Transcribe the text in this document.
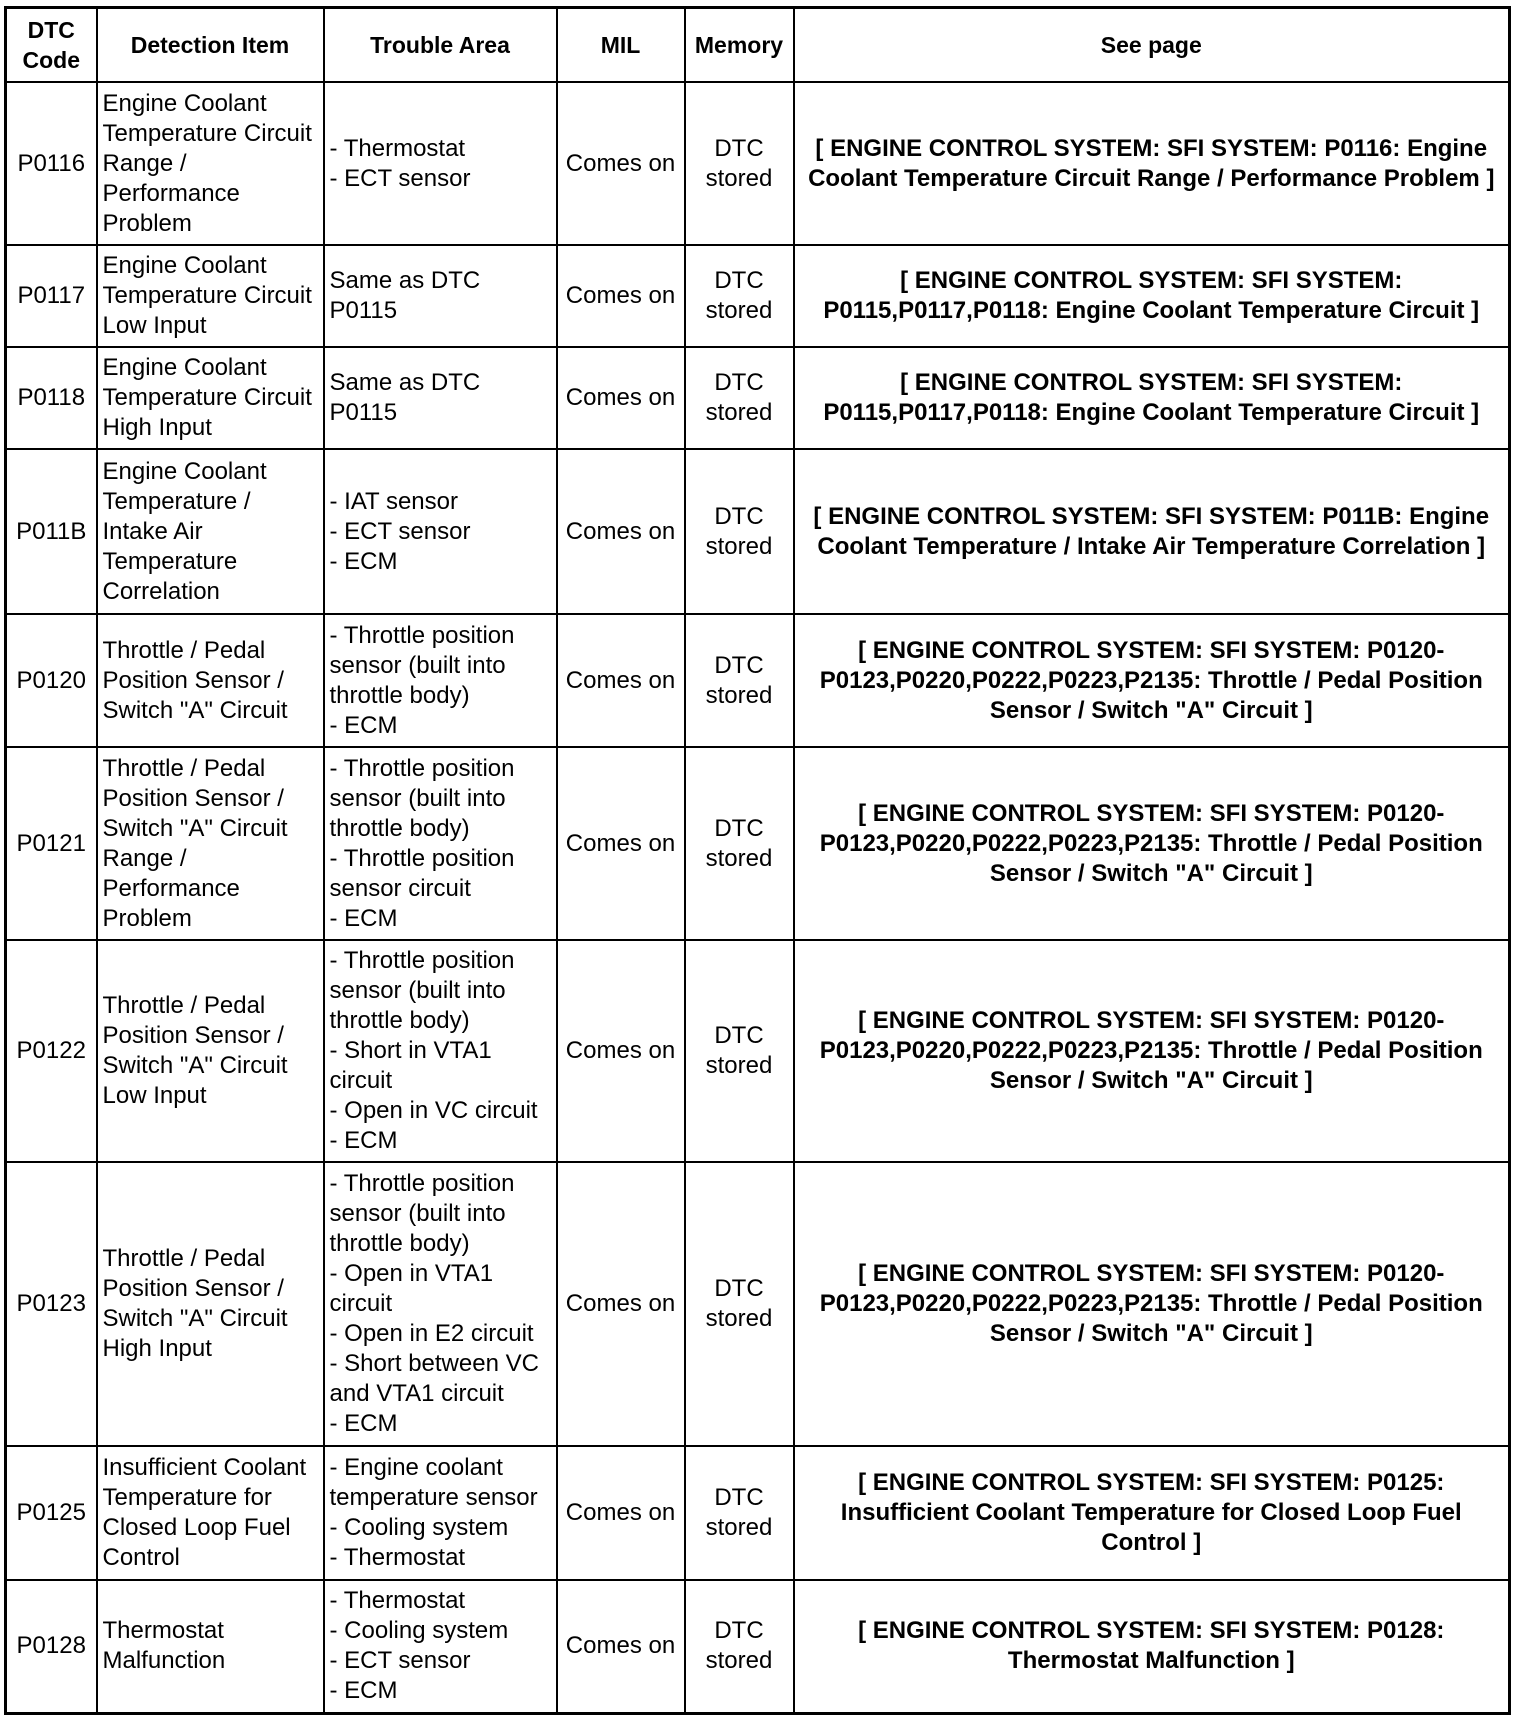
DTC Code	Detection Item	Trouble Area	MIL	Memory	See page
P0116	Engine Coolant Temperature Circuit Range / Performance Problem	- Thermostat
- ECT sensor	Comes on	DTC stored	[ ENGINE CONTROL SYSTEM: SFI SYSTEM: P0116: Engine Coolant Temperature Circuit Range / Performance Problem ]
P0117	Engine Coolant Temperature Circuit Low Input	Same as DTC P0115	Comes on	DTC stored	[ ENGINE CONTROL SYSTEM: SFI SYSTEM: P0115,P0117,P0118: Engine Coolant Temperature Circuit ]
P0118	Engine Coolant Temperature Circuit High Input	Same as DTC P0115	Comes on	DTC stored	[ ENGINE CONTROL SYSTEM: SFI SYSTEM: P0115,P0117,P0118: Engine Coolant Temperature Circuit ]
P011B	Engine Coolant Temperature / Intake Air Temperature Correlation	- IAT sensor
- ECT sensor
- ECM	Comes on	DTC stored	[ ENGINE CONTROL SYSTEM: SFI SYSTEM: P011B: Engine Coolant Temperature / Intake Air Temperature Correlation ]
P0120	Throttle / Pedal Position Sensor / Switch "A" Circuit	- Throttle position sensor (built into throttle body)
- ECM	Comes on	DTC stored	[ ENGINE CONTROL SYSTEM: SFI SYSTEM: P0120-P0123,P0220,P0222,P0223,P2135: Throttle / Pedal Position Sensor / Switch "A" Circuit ]
P0121	Throttle / Pedal Position Sensor / Switch "A" Circuit Range / Performance Problem	- Throttle position sensor (built into throttle body)
- Throttle position sensor circuit
- ECM	Comes on	DTC stored	[ ENGINE CONTROL SYSTEM: SFI SYSTEM: P0120-P0123,P0220,P0222,P0223,P2135: Throttle / Pedal Position Sensor / Switch "A" Circuit ]
P0122	Throttle / Pedal Position Sensor / Switch "A" Circuit Low Input	- Throttle position sensor (built into throttle body)
- Short in VTA1 circuit
- Open in VC circuit
- ECM	Comes on	DTC stored	[ ENGINE CONTROL SYSTEM: SFI SYSTEM: P0120-P0123,P0220,P0222,P0223,P2135: Throttle / Pedal Position Sensor / Switch "A" Circuit ]
P0123	Throttle / Pedal Position Sensor / Switch "A" Circuit High Input	- Throttle position sensor (built into throttle body)
- Open in VTA1 circuit
- Open in E2 circuit
- Short between VC and VTA1 circuit
- ECM	Comes on	DTC stored	[ ENGINE CONTROL SYSTEM: SFI SYSTEM: P0120-P0123,P0220,P0222,P0223,P2135: Throttle / Pedal Position Sensor / Switch "A" Circuit ]
P0125	Insufficient Coolant Temperature for Closed Loop Fuel Control	- Engine coolant temperature sensor
- Cooling system
- Thermostat	Comes on	DTC stored	[ ENGINE CONTROL SYSTEM: SFI SYSTEM: P0125: Insufficient Coolant Temperature for Closed Loop Fuel Control ]
P0128	Thermostat Malfunction	- Thermostat
- Cooling system
- ECT sensor
- ECM	Comes on	DTC stored	[ ENGINE CONTROL SYSTEM: SFI SYSTEM: P0128: Thermostat Malfunction ]
